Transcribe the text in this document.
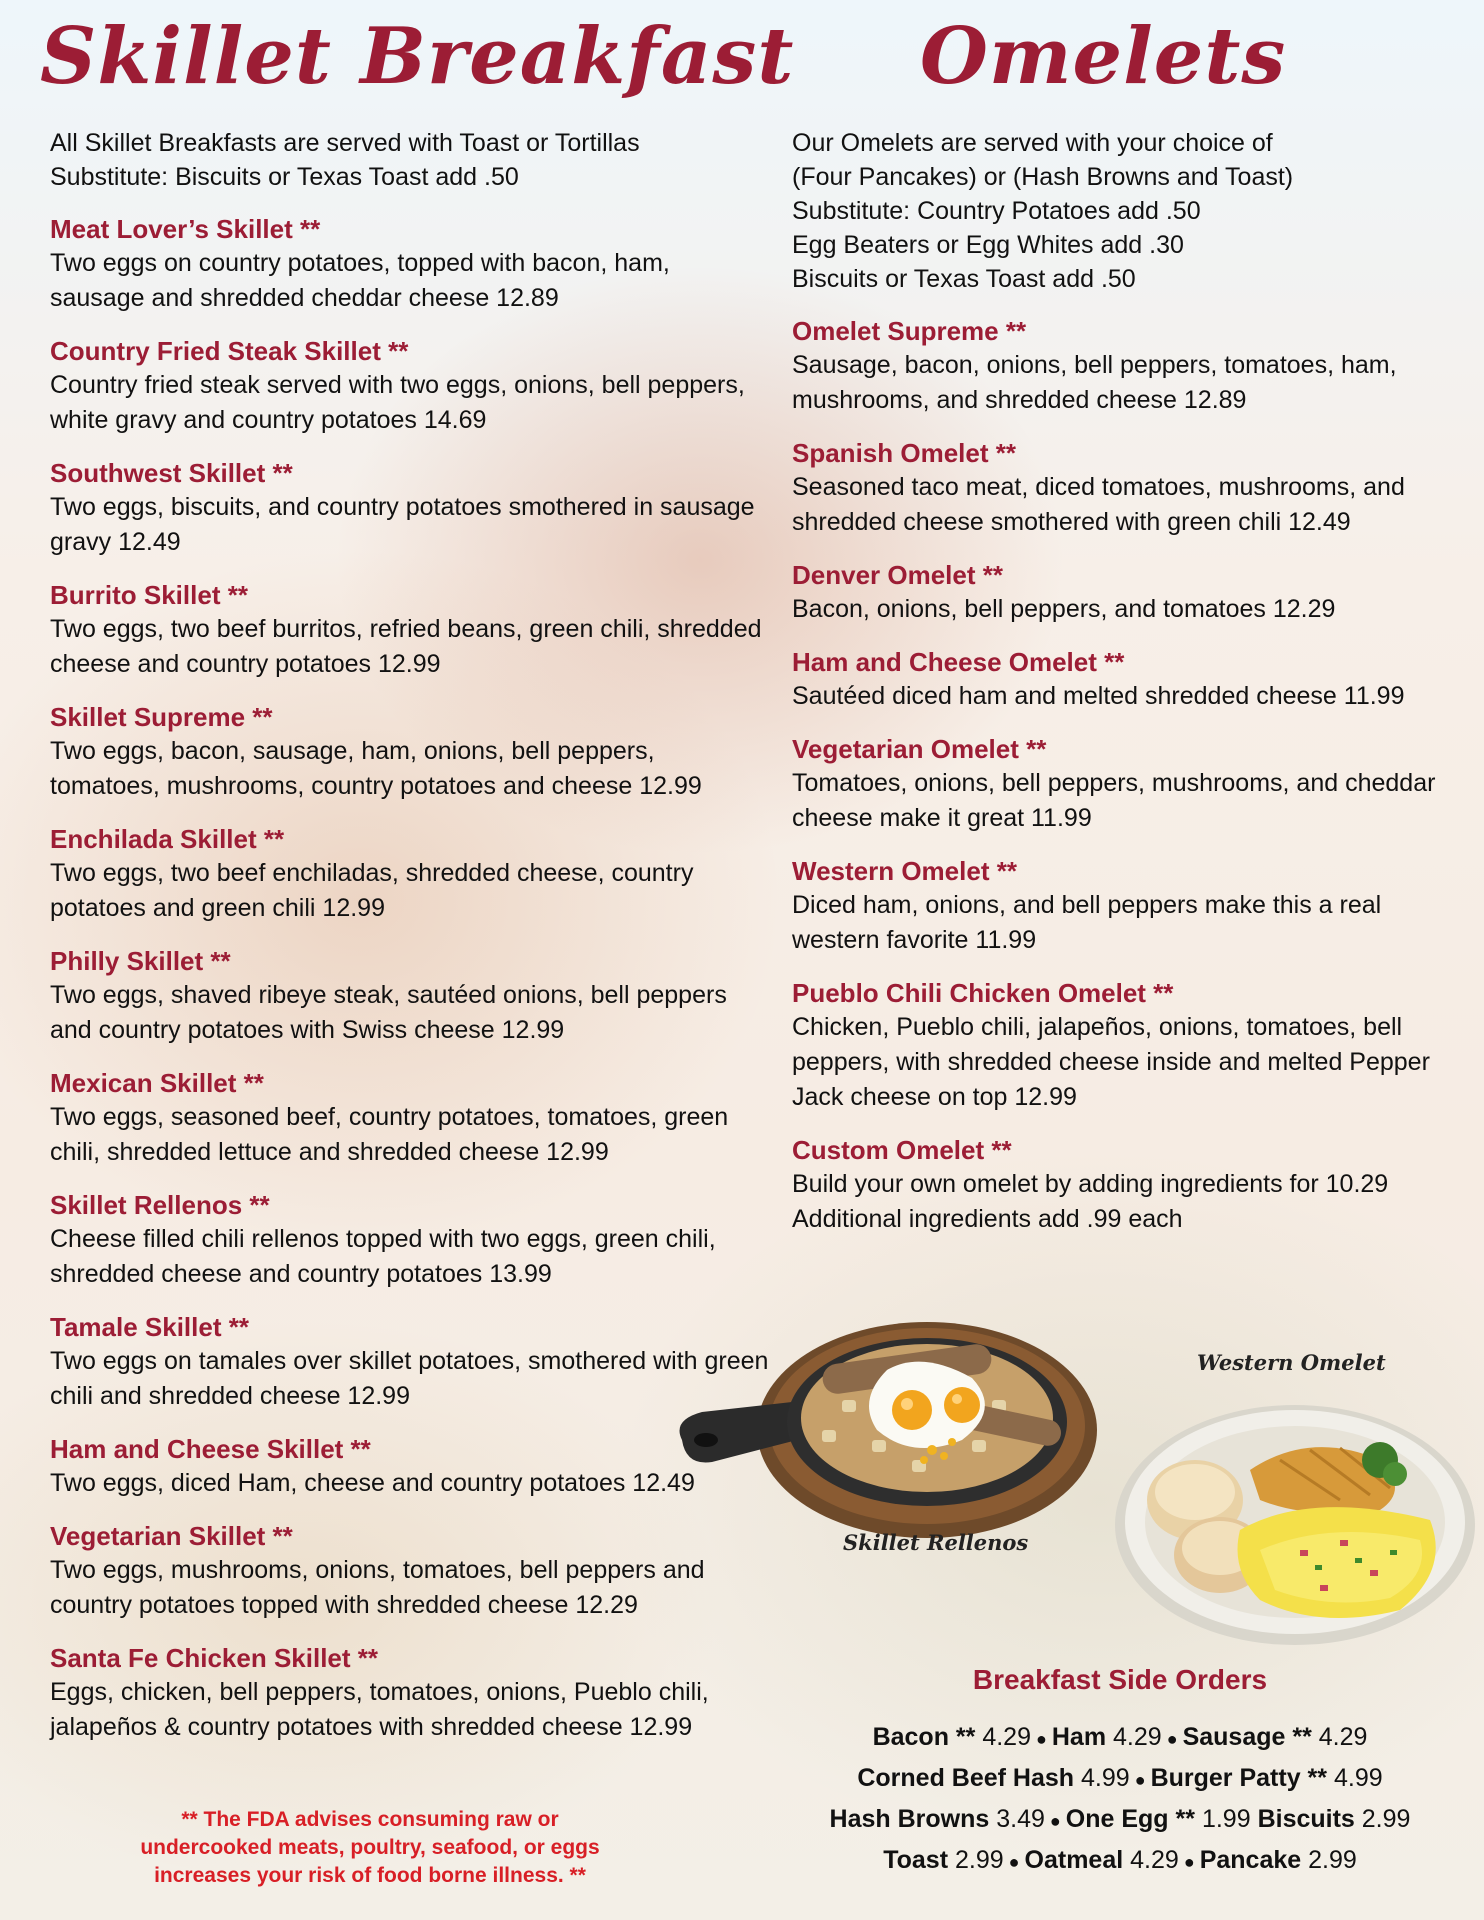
Skillet Breakfast Omelets

All Skillet Breakfasts are served with Toast or Tortillas

Substitute: Biscuits or Texas Toast add .50

Meat Lover’s Skillet **

Two eggs on country potatoes, topped with bacon, ham, sausage and shredded cheddar cheese 12.89

Country Fried Steak Skillet **

Country fried steak served with two eggs, onions, bell peppers, white gravy and country potatoes 14.69

Southwest Skillet **

Two eggs, biscuits, and country potatoes smothered in sausage gravy 12.49

Burrito Skillet **

Two eggs, two beef burritos, refried beans, green chili, shredded cheese and country potatoes 12.99

Skillet Supreme **

Two eggs, bacon, sausage, ham, onions, bell peppers, tomatoes, mushrooms, country potatoes and cheese 12.99

Enchilada Skillet **

Two eggs, two beef enchiladas, shredded cheese, country potatoes and green chili 12.99

Philly Skillet **

Two eggs, shaved ribeye steak, sautéed onions, bell peppers and country potatoes with Swiss cheese 12.99

Mexican Skillet **

Two eggs, seasoned beef, country potatoes, tomatoes, green chili, shredded lettuce and shredded cheese 12.99

Skillet Rellenos **

Cheese filled chili rellenos topped with two eggs, green chili, shredded cheese and country potatoes 13.99

Tamale Skillet **

Two eggs on tamales over skillet potatoes, smothered with green chili and shredded cheese 12.99

Ham and Cheese Skillet **

Two eggs, diced Ham, cheese and country potatoes 12.49

Vegetarian Skillet **

Two eggs, mushrooms, onions, tomatoes, bell peppers and country potatoes topped with shredded cheese 12.29

Santa Fe Chicken Skillet **

Eggs, chicken, bell peppers, tomatoes, onions, Pueblo chili, jalapeños & country potatoes with shredded cheese 12.99

Our Omelets are served with your choice of

(Four Pancakes) or (Hash Browns and Toast)

Substitute: Country Potatoes add .50

Egg Beaters or Egg Whites add .30

Biscuits or Texas Toast add .50

Omelet Supreme **

Sausage, bacon, onions, bell peppers, tomatoes, ham, mushrooms, and shredded cheese 12.89

Spanish Omelet **

Seasoned taco meat, diced tomatoes, mushrooms, and shredded cheese smothered with green chili 12.49

Denver Omelet **

Bacon, onions, bell peppers, and tomatoes 12.29

Ham and Cheese Omelet **

Sautéed diced ham and melted shredded cheese 11.99

Vegetarian Omelet **

Tomatoes, onions, bell peppers, mushrooms, and cheddar cheese make it great 11.99

Western Omelet **

Diced ham, onions, and bell peppers make this a real western favorite 11.99

Pueblo Chili Chicken Omelet **

Chicken, Pueblo chili, jalapeños, onions, tomatoes, bell peppers, with shredded cheese inside and melted Pepper Jack cheese on top 12.99

Custom Omelet **

Build your own omelet by adding ingredients for 10.29 Additional ingredients add .99 each

** The FDA advises consuming raw or
undercooked meats, poultry, seafood, or eggs
increases your risk of food borne illness. **
Western Omelet
Skillet Rellenos
Breakfast Side Orders
Bacon ** 4.29 ● Ham 4.29 ● Sausage ** 4.29
Corned Beef Hash 4.99 ● Burger Patty ** 4.99
Hash Browns 3.49 ● One Egg ** 1.99 Biscuits 2.99
Toast 2.99 ● Oatmeal 4.29 ● Pancake 2.99
